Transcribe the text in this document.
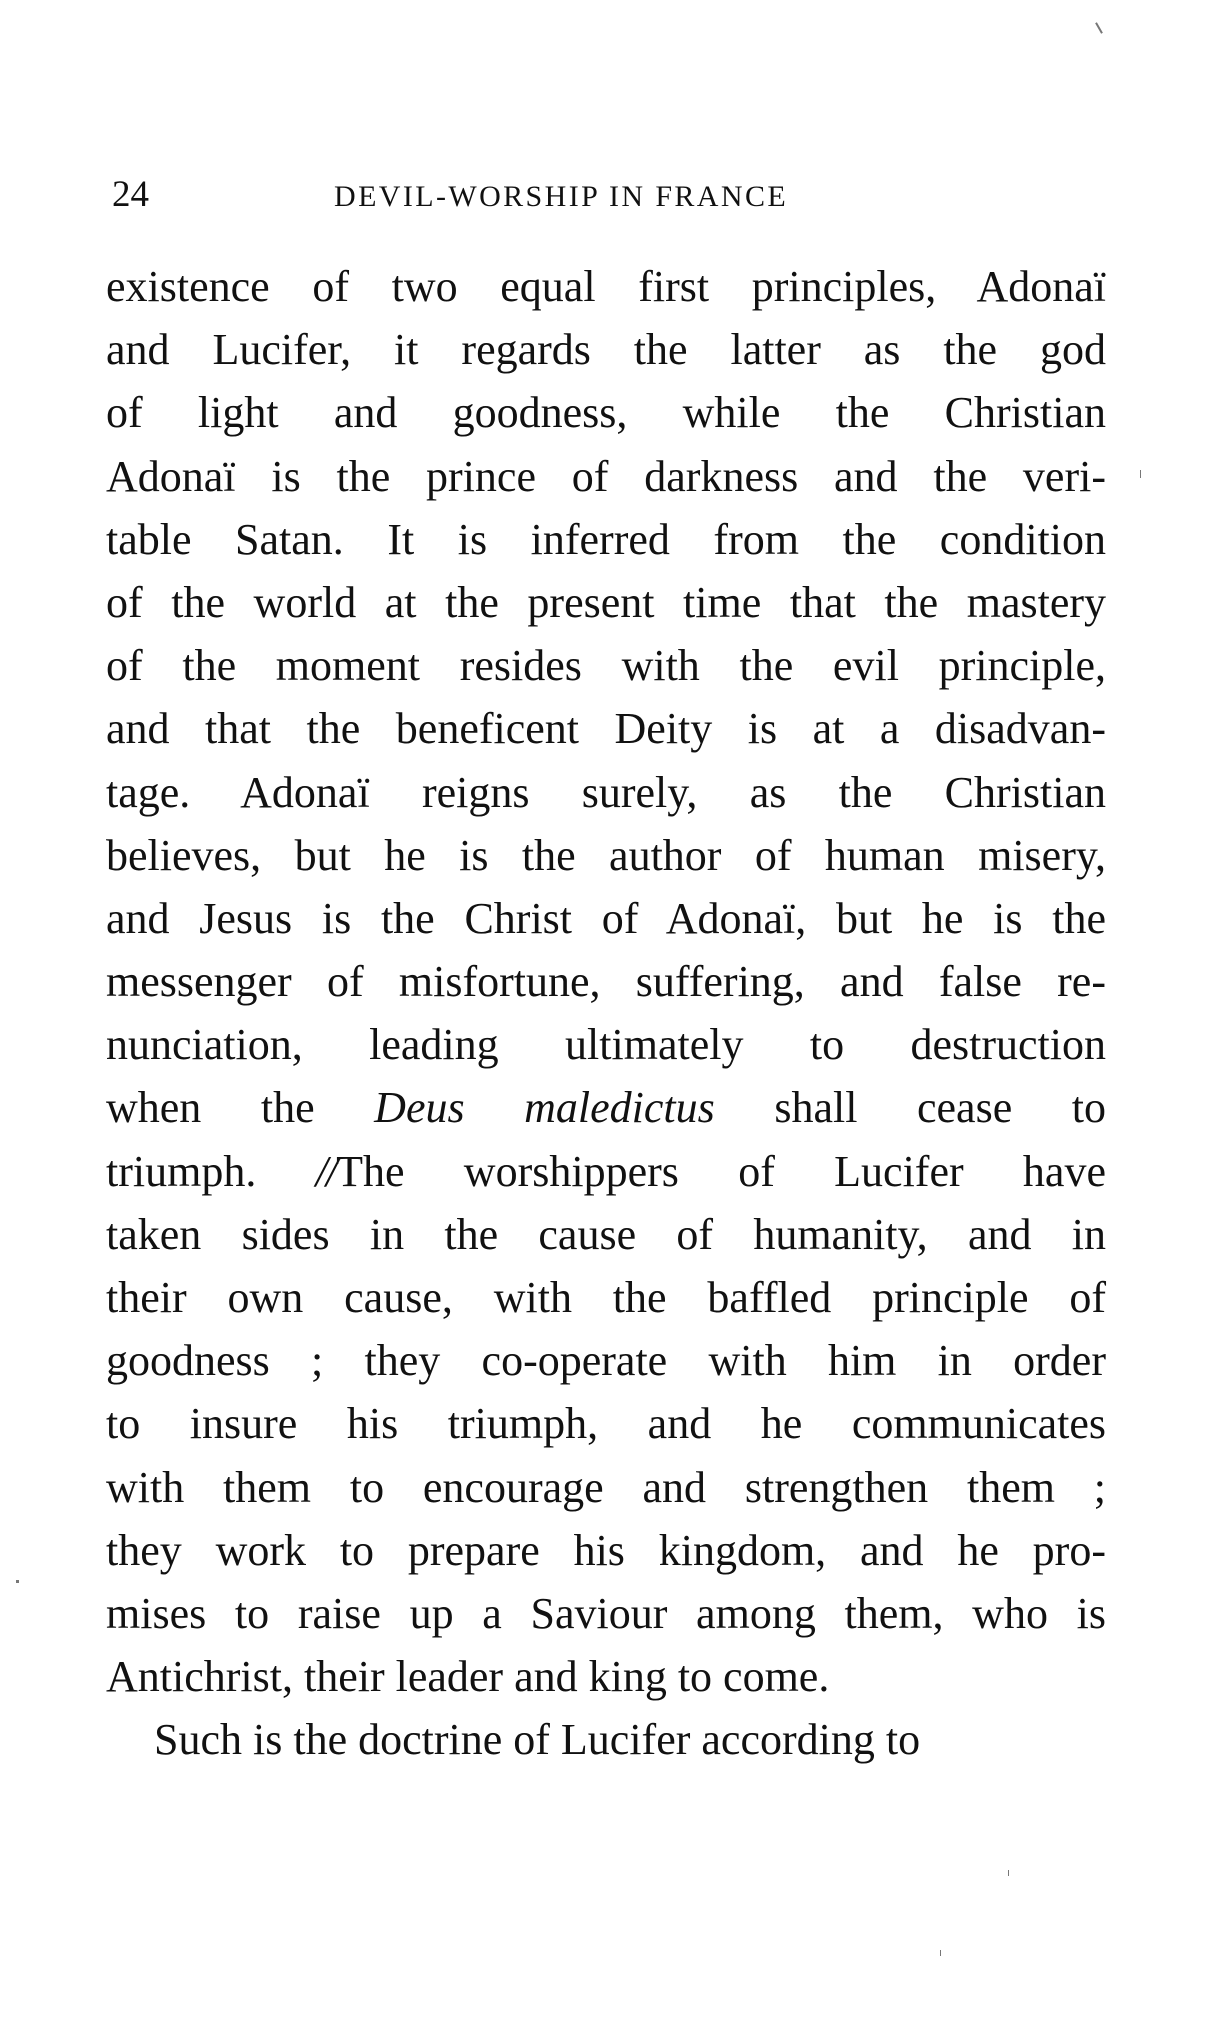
24	DEVIL-WORSHIP IN FRANCE
existence of two equal first principles, Adonaï
and Lucifer, it regards the latter as the god
of light and goodness, while the Christian
Adonaï is the prince of darkness and the veri-
table Satan. It is inferred from the condition
of the world at the present time that the mastery
of the moment resides with the evil principle,
and that the beneficent Deity is at a disadvan-
tage. Adonaï reigns surely, as the Christian
believes, but he is the author of human misery,
and Jesus is the Christ of Adonaï, but he is the
messenger of misfortune, suffering, and false re-
nunciation, leading ultimately to destruction
when the Deus maledictus shall cease to
triumph. //The worshippers of Lucifer have
taken sides in the cause of humanity, and in
their own cause, with the baffled principle of
goodness ; they co-operate with him in order
to insure his triumph, and he communicates
with them to encourage and strengthen them ;
they work to prepare his kingdom, and he pro-
mises to raise up a Saviour among them, who is
Antichrist, their leader and king to come.
Such is the doctrine of Lucifer according to
